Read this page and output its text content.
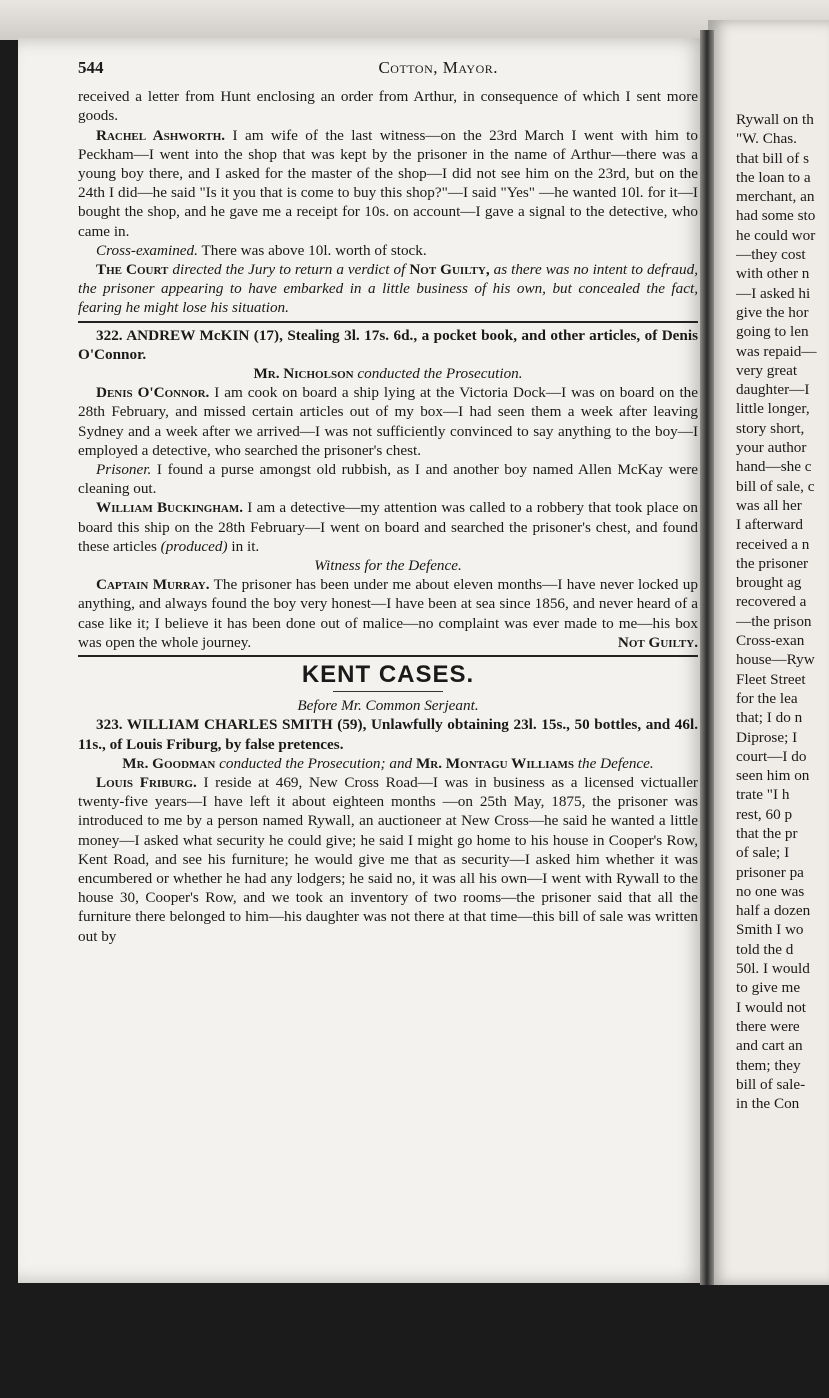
544	Cotton, Mayor.

received a letter from Hunt enclosing an order from Arthur, in consequence of which I sent more goods.

Rachel Ashworth. I am wife of the last witness—on the 23rd March I went with him to Peckham—I went into the shop that was kept by the prisoner in the name of Arthur—there was a young boy there, and I asked for the master of the shop—I did not see him on the 23rd, but on the 24th I did—he said "Is it you that is come to buy this shop?"—I said "Yes" —he wanted 10l. for it—I bought the shop, and he gave me a receipt for 10s. on account—I gave a signal to the detective, who came in.

Cross-examined. There was above 10l. worth of stock.

The Court directed the Jury to return a verdict of Not Guilty, as there was no intent to defraud, the prisoner appearing to have embarked in a little business of his own, but concealed the fact, fearing he might lose his situation.

322. ANDREW McKIN (17), Stealing 3l. 17s. 6d., a pocket book, and other articles, of Denis O'Connor.

Mr. Nicholson conducted the Prosecution.

Denis O'Connor. I am cook on board a ship lying at the Victoria Dock—I was on board on the 28th February, and missed certain articles out of my box—I had seen them a week after leaving Sydney and a week after we arrived—I was not sufficiently convinced to say anything to the boy—I employed a detective, who searched the prisoner's chest.

Prisoner. I found a purse amongst old rubbish, as I and another boy named Allen McKay were cleaning out.

William Buckingham. I am a detective—my attention was called to a robbery that took place on board this ship on the 28th February—I went on board and searched the prisoner's chest, and found these articles (produced) in it.

Witness for the Defence.

Captain Murray. The prisoner has been under me about eleven months—I have never locked up anything, and always found the boy very honest—I have been at sea since 1856, and never heard of a case like it; I believe it has been done out of malice—no complaint was ever made to me—his box was open the whole journey.	Not Guilty.

KENT CASES.

Before Mr. Common Serjeant.

323. WILLIAM CHARLES SMITH (59), Unlawfully obtaining 23l. 15s., 50 bottles, and 46l. 11s., of Louis Friburg, by false pretences.

Mr. Goodman conducted the Prosecution; and Mr. Montagu Williams the Defence.

Louis Friburg. I reside at 469, New Cross Road—I was in business as a licensed victualler twenty-five years—I have left it about eighteen months —on 25th May, 1875, the prisoner was introduced to me by a person named Rywall, an auctioneer at New Cross—he said he wanted a little money—I asked what security he could give; he said I might go home to his house in Cooper's Row, Kent Road, and see his furniture; he would give me that as security—I asked him whether it was encumbered or whether he had any lodgers; he said no, it was all his own—I went with Rywall to the house 30, Cooper's Row, and we took an inventory of two rooms—the prisoner said that all the furniture there belonged to him—his daughter was not there at that time—this bill of sale was written out by

Rywall on th
"W. Chas.
that bill of s
the loan to a
merchant, an
had some sto
he could wor
—they cost
with other n
—I asked hi
give the hor
going to len
was repaid—
very great
daughter—I
little longer,
story short,
your author
hand—she c
bill of sale, c
was all her
I afterward
received a n
the prisoner
brought ag
recovered a
—the prison
Cross-exan
house—Ryw
Fleet Street
for the lea
that; I do n
Diprose; I
court—I do
seen him on
trate "I h
rest, 60 p
that the pr
of sale; I
prisoner pa
no one was
half a dozen
Smith I wo
told the d
50l. I would
to give me
I would not
there were
and cart an
them; they
bill of sale-
in the Con
